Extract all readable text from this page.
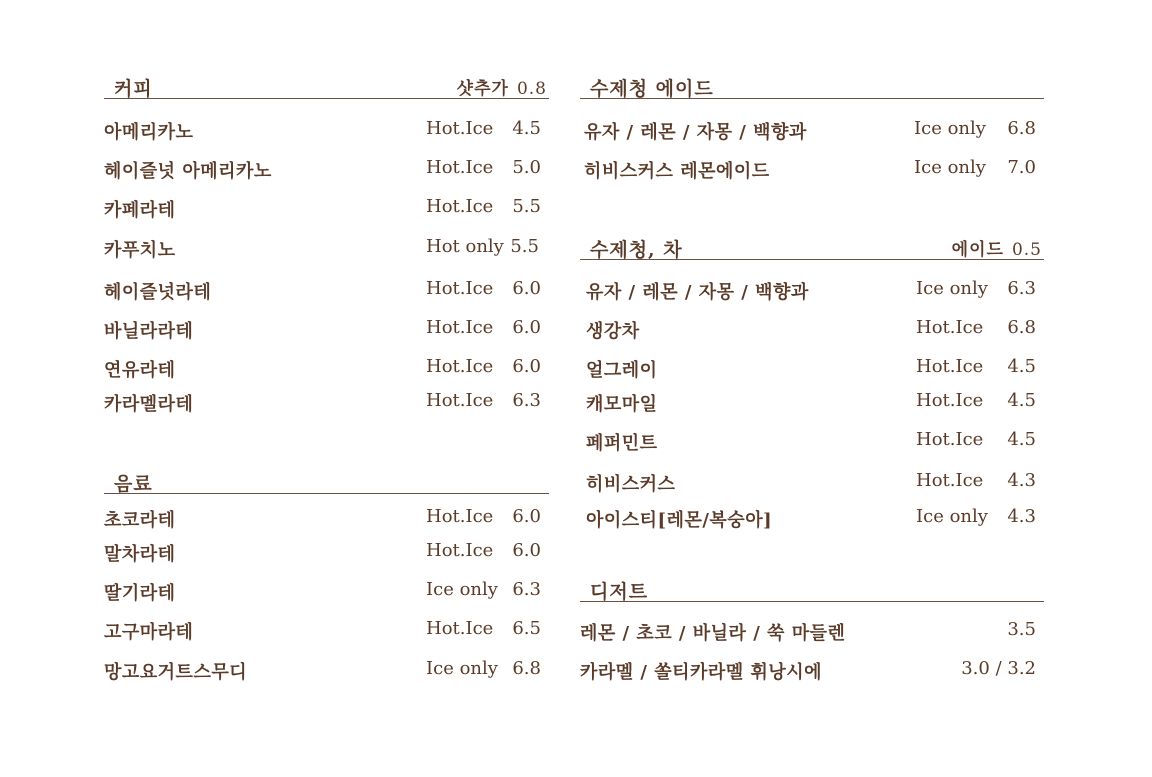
커피	샷추가 0.8
아메리카노	Hot.Ice 4.5
헤이즐넛 아메리카노	Hot.Ice 5.0
카페라테	Hot.Ice 5.5
카푸치노	Hot only 5.5
헤이즐넛라테	Hot.Ice 6.0
바닐라라테	Hot.Ice 6.0
연유라테	Hot.Ice 6.0
카라멜라테	Hot.Ice 6.3
음료
초코라테	Hot.Ice 6.0
말차라테	Hot.Ice 6.0
딸기라테	Ice only 6.3
고구마라테	Hot.Ice 6.5
망고요거트스무디	Ice only 6.8
수제청 에이드
유자 / 레몬 / 자몽 / 백향과	Ice only 6.8
히비스커스 레몬에이드	Ice only 7.0
수제청, 차	에이드 0.5
유자 / 레몬 / 자몽 / 백향과	Ice only 6.3
생강차	Hot.Ice 6.8
얼그레이	Hot.Ice 4.5
캐모마일	Hot.Ice 4.5
페퍼민트	Hot.Ice 4.5
히비스커스	Hot.Ice 4.3
아이스티[레몬/복숭아]	Ice only 4.3
디저트
레몬 / 초코 / 바닐라 / 쑥 마들렌	3.5
카라멜 / 쏠티카라멜 휘낭시에	3.0 / 3.2
